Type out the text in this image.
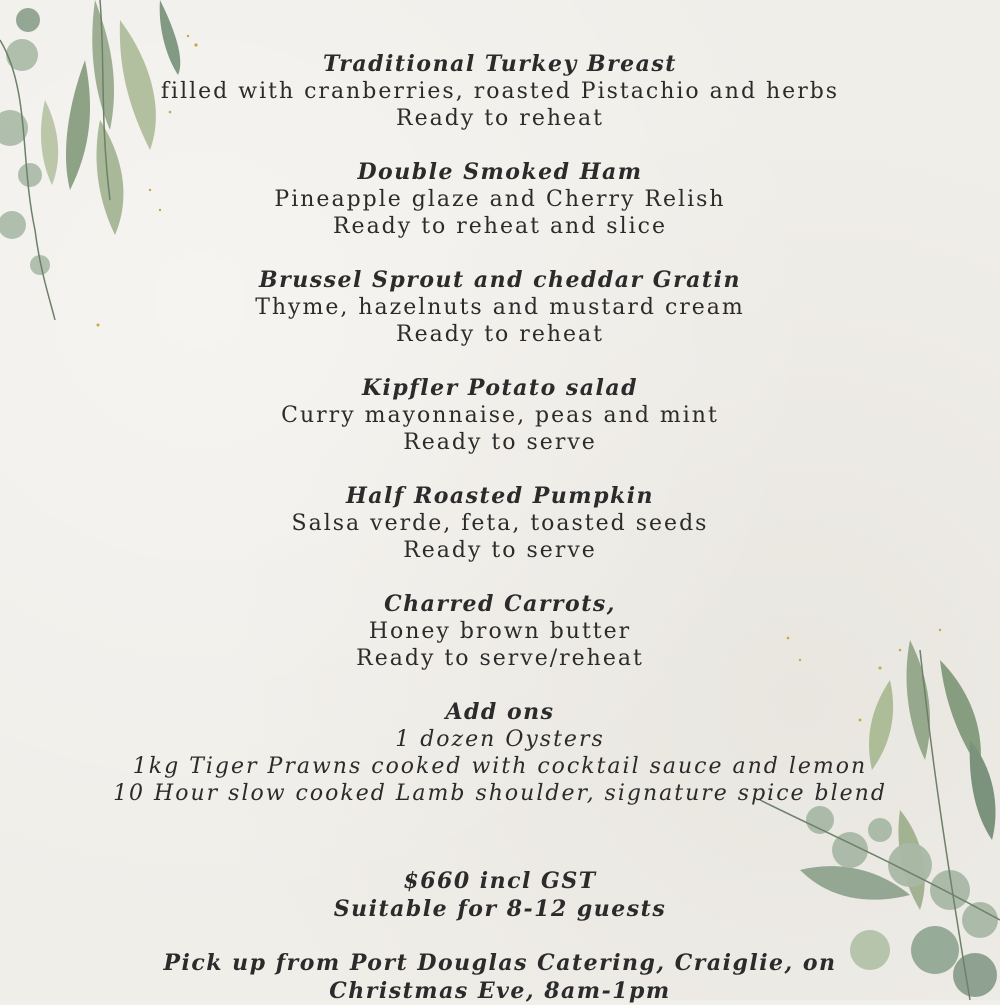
Traditional Turkey Breast

filled with cranberries, roasted Pistachio and herbs

Ready to reheat

Double Smoked Ham

Pineapple glaze and Cherry Relish

Ready to reheat and slice

Brussel Sprout and cheddar Gratin

Thyme, hazelnuts and mustard cream

Ready to reheat

Kipfler Potato salad

Curry mayonnaise, peas and mint

Ready to serve

Half Roasted Pumpkin

Salsa verde, feta, toasted seeds

Ready to serve

Charred Carrots,

Honey brown butter

Ready to serve/reheat

Add ons

1 dozen Oysters

1kg Tiger Prawns cooked with cocktail sauce and lemon

10 Hour slow cooked Lamb shoulder, signature spice blend

$660 incl GST

Suitable for 8-12 guests

Pick up from Port Douglas Catering, Craiglie, on

Christmas Eve, 8am-1pm
